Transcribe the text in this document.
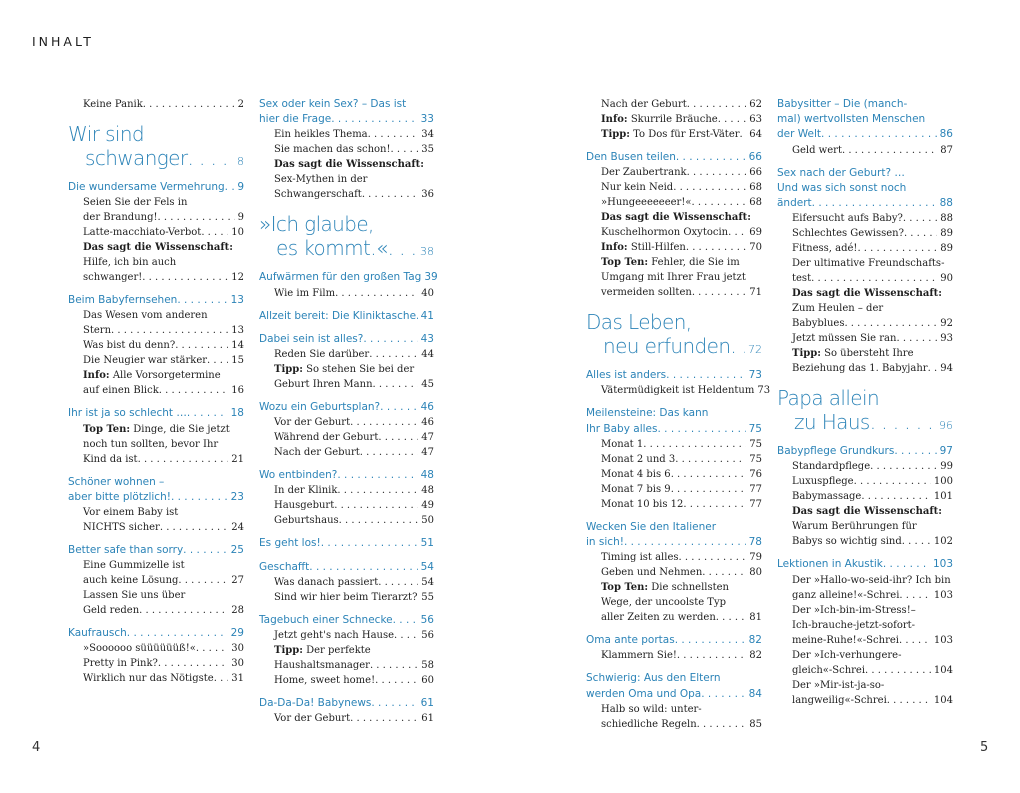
INHALT
Keine Panik . . .	2
Wir sind
schwanger . . .	8
Die wundersame Vermehrung . . . 9
Seien Sie der Fels in
der Brandung! . . .	9
Latte-macchiato-Verbot . . .	10
Das sagt die Wissenschaft: Hilfe, ich bin auch
schwanger! . . .	12
Beim Babyfernsehen . . .	13
Das Wesen vom anderen
Stern . . .	13
Was bist du denn? . . .	14
Die Neugier war stärker . . .	15
Info: Alle Vorsorgetermine
auf einen Blick . . .	16
Ihr ist ja so schlecht … . . .	18
Top Ten: Dinge, die Sie jetzt
noch tun sollten, bevor Ihr
Kind da ist . . .	21
Schöner wohnen –
aber bitte plötzlich! . . .	23
Vor einem Baby ist
NICHTS sicher . . .	24
Better safe than sorry . . .	25
Eine Gummizelle ist
auch keine Lösung . . .	27
Lassen Sie uns über
Geld reden . . .	28
Kaufrausch . . .	29
»Soooooo süüüüüüß!« . . .	30
Pretty in Pink? . . .	30
Wirklich nur das Nötigste . . .	31
Sex oder kein Sex? – Das ist
hier die Frage . . .	33
Ein heikles Thema . . .	34
Sie machen das schon! . . .	35
Das sagt die Wissenschaft:
Sex-Mythen in der
Schwangerschaft . . .	36
»Ich glaube,
es kommt.« . . .	38
Aufwärmen für den großen Tag 39
Wie im Film . . .	40
Allzeit bereit: Die Kliniktasche . . . 41
Dabei sein ist alles? . . .	43
Reden Sie darüber . . .	44
Tipp: So stehen Sie bei der
Geburt Ihren Mann . . .	45
Wozu ein Geburtsplan? . . .	46
Vor der Geburt . . .	46
Während der Geburt . . .	47
Nach der Geburt . . .	47
Wo entbinden? . . .	48
In der Klinik . . .	48
Hausgeburt . . .	49
Geburtshaus . . .	50
Es geht los! . . .	51
Geschafft . . .	54
Was danach passiert . . .	54
Sind wir hier beim Tierarzt? . . . 55
Tagebuch einer Schnecke . . .	56
Jetzt geht's nach Hause . . .	56
Tipp: Der perfekte
Haushaltsmanager . . .	58
Home, sweet home! . . .	60
Da-Da-Da! Babynews . . .	61
Vor der Geburt . . .	61
Nach der Geburt . . .	62
Info: Skurrile Bräuche . . .	63
Tipp: To Dos für Erst-Väter . . . 64
Den Busen teilen . . .	66
Der Zaubertrank . . .	66
Nur kein Neid . . .	68
»Hungeeeeeeer!« . . .	68
Das sagt die Wissenschaft:
Kuschelhormon Oxytocin . . .	69
Info: Still-Hilfen . . .	70
Top Ten: Fehler, die Sie im
Umgang mit Ihrer Frau jetzt
vermeiden sollten . . .	71
Das Leben,
neu erfunden . . . 72
Alles ist anders . . .	73
Vätermüdigkeit ist Heldentum 73
Meilensteine: Das kann
Ihr Baby alles . . .	75
Monat 1 . . .	75
Monat 2 und 3 . . .	75
Monat 4 bis 6 . . .	76
Monat 7 bis 9 . . .	77
Monat 10 bis 12 . . .	77
Wecken Sie den Italiener
in sich! . . .	78
Timing ist alles . . .	79
Geben und Nehmen . . .	80
Top Ten: Die schnellsten
Wege, der uncoolste Typ
aller Zeiten zu werden . . .	81
Oma ante portas . . .	82
Klammern Sie! . . .	82
Schwierig: Aus den Eltern
werden Oma und Opa . . .	84
Halb so wild: unter-
schiedliche Regeln . . .	85
Babysitter – Die (manch-
mal) wertvollsten Menschen
der Welt . . .	86
Geld wert . . .	87
Sex nach der Geburt? …
Und was sich sonst noch
ändert . . .	88
Eifersucht aufs Baby? . . .	88
Schlechtes Gewissen? . . .	89
Fitness, adé! . . .	89
Der ultimative Freundschafts-
test . . .	90
Das sagt die Wissenschaft:
Zum Heulen – der
Babyblues . . .	92
Jetzt müssen Sie ran . . .	93
Tipp: So übersteht Ihre
Beziehung das 1. Babyjahr . . .	94
Papa allein
zu Haus . . .	96
Babypflege Grundkurs . . .	97
Standardpflege . . .	99
Luxuspflege . . .	100
Babymassage . . .	101
Das sagt die Wissenschaft:
Warum Berührungen für
Babys so wichtig sind . . .	102
Lektionen in Akustik . . .	103
Der »Hallo-wo-seid-ihr? Ich bin
ganz alleine!«-Schrei . . .	103
Der »Ich-bin-im-Stress!–
Ich-brauche-jetzt-sofort-
meine-Ruhe!«-Schrei . . .	103
Der »Ich-verhungere-
gleich«-Schrei . . .	104
Der »Mir-ist-ja-so-
langweilig«-Schrei . . .	104
4	5
